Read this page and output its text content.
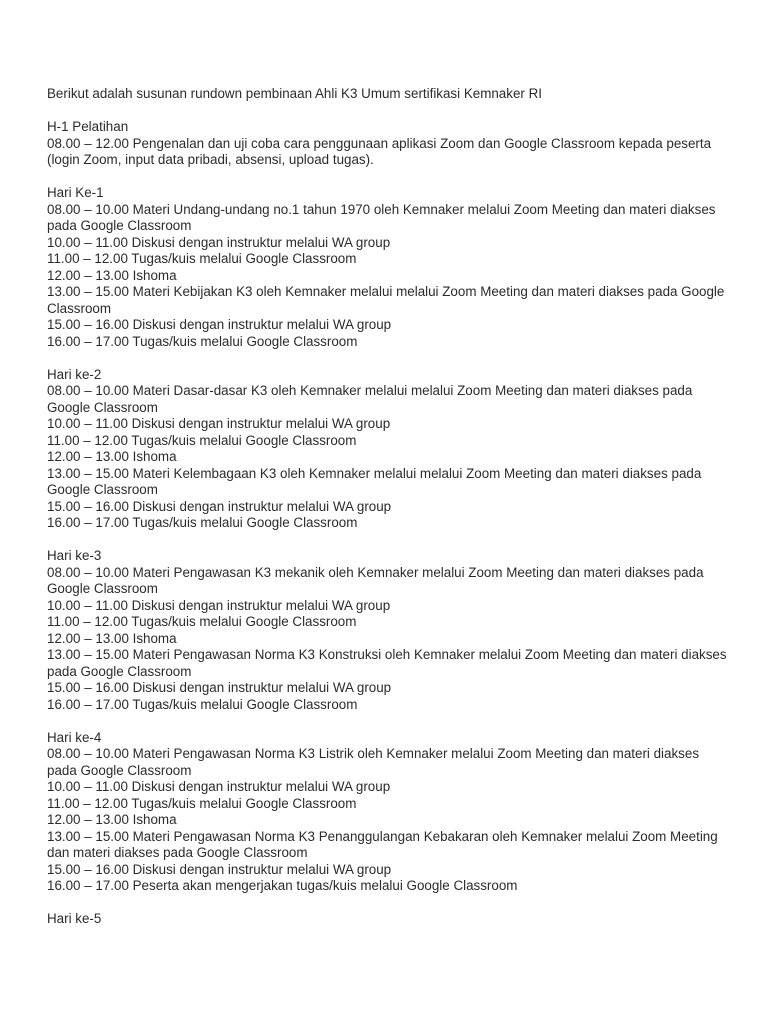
Berikut adalah susunan rundown pembinaan Ahli K3 Umum sertifikasi Kemnaker RI

H-1 Pelatihan
08.00 – 12.00 Pengenalan dan uji coba cara penggunaan aplikasi Zoom dan Google Classroom kepada peserta (login Zoom, input data pribadi, absensi, upload tugas).
Hari Ke-1
08.00 – 10.00 Materi Undang-undang no.1 tahun 1970 oleh Kemnaker melalui Zoom Meeting dan materi diakses pada Google Classroom
10.00 – 11.00 Diskusi dengan instruktur melalui WA group
11.00 – 12.00 Tugas/kuis melalui Google Classroom
12.00 – 13.00 Ishoma
13.00 – 15.00 Materi Kebijakan K3 oleh Kemnaker melalui melalui Zoom Meeting dan materi diakses pada Google Classroom
15.00 – 16.00 Diskusi dengan instruktur melalui WA group
16.00 – 17.00 Tugas/kuis melalui Google Classroom
Hari ke-2
08.00 – 10.00 Materi Dasar-dasar K3 oleh Kemnaker melalui melalui Zoom Meeting dan materi diakses pada Google Classroom
10.00 – 11.00 Diskusi dengan instruktur melalui WA group
11.00 – 12.00 Tugas/kuis melalui Google Classroom
12.00 – 13.00 Ishoma
13.00 – 15.00 Materi Kelembagaan K3 oleh Kemnaker melalui melalui Zoom Meeting dan materi diakses pada Google Classroom
15.00 – 16.00 Diskusi dengan instruktur melalui WA group
16.00 – 17.00 Tugas/kuis melalui Google Classroom
Hari ke-3
08.00 – 10.00 Materi Pengawasan K3 mekanik oleh Kemnaker melalui Zoom Meeting dan materi diakses pada Google Classroom
10.00 – 11.00 Diskusi dengan instruktur melalui WA group
11.00 – 12.00 Tugas/kuis melalui Google Classroom
12.00 – 13.00 Ishoma
13.00 – 15.00 Materi Pengawasan Norma K3 Konstruksi oleh Kemnaker melalui Zoom Meeting dan materi diakses pada Google Classroom
15.00 – 16.00 Diskusi dengan instruktur melalui WA group
16.00 – 17.00 Tugas/kuis melalui Google Classroom
Hari ke-4
08.00 – 10.00 Materi Pengawasan Norma K3 Listrik oleh Kemnaker melalui Zoom Meeting dan materi diakses pada Google Classroom
10.00 – 11.00 Diskusi dengan instruktur melalui WA group
11.00 – 12.00 Tugas/kuis melalui Google Classroom
12.00 – 13.00 Ishoma
13.00 – 15.00 Materi Pengawasan Norma K3 Penanggulangan Kebakaran oleh Kemnaker melalui Zoom Meeting dan materi diakses pada Google Classroom
15.00 – 16.00 Diskusi dengan instruktur melalui WA group
16.00 – 17.00 Peserta akan mengerjakan tugas/kuis melalui Google Classroom
Hari ke-5
